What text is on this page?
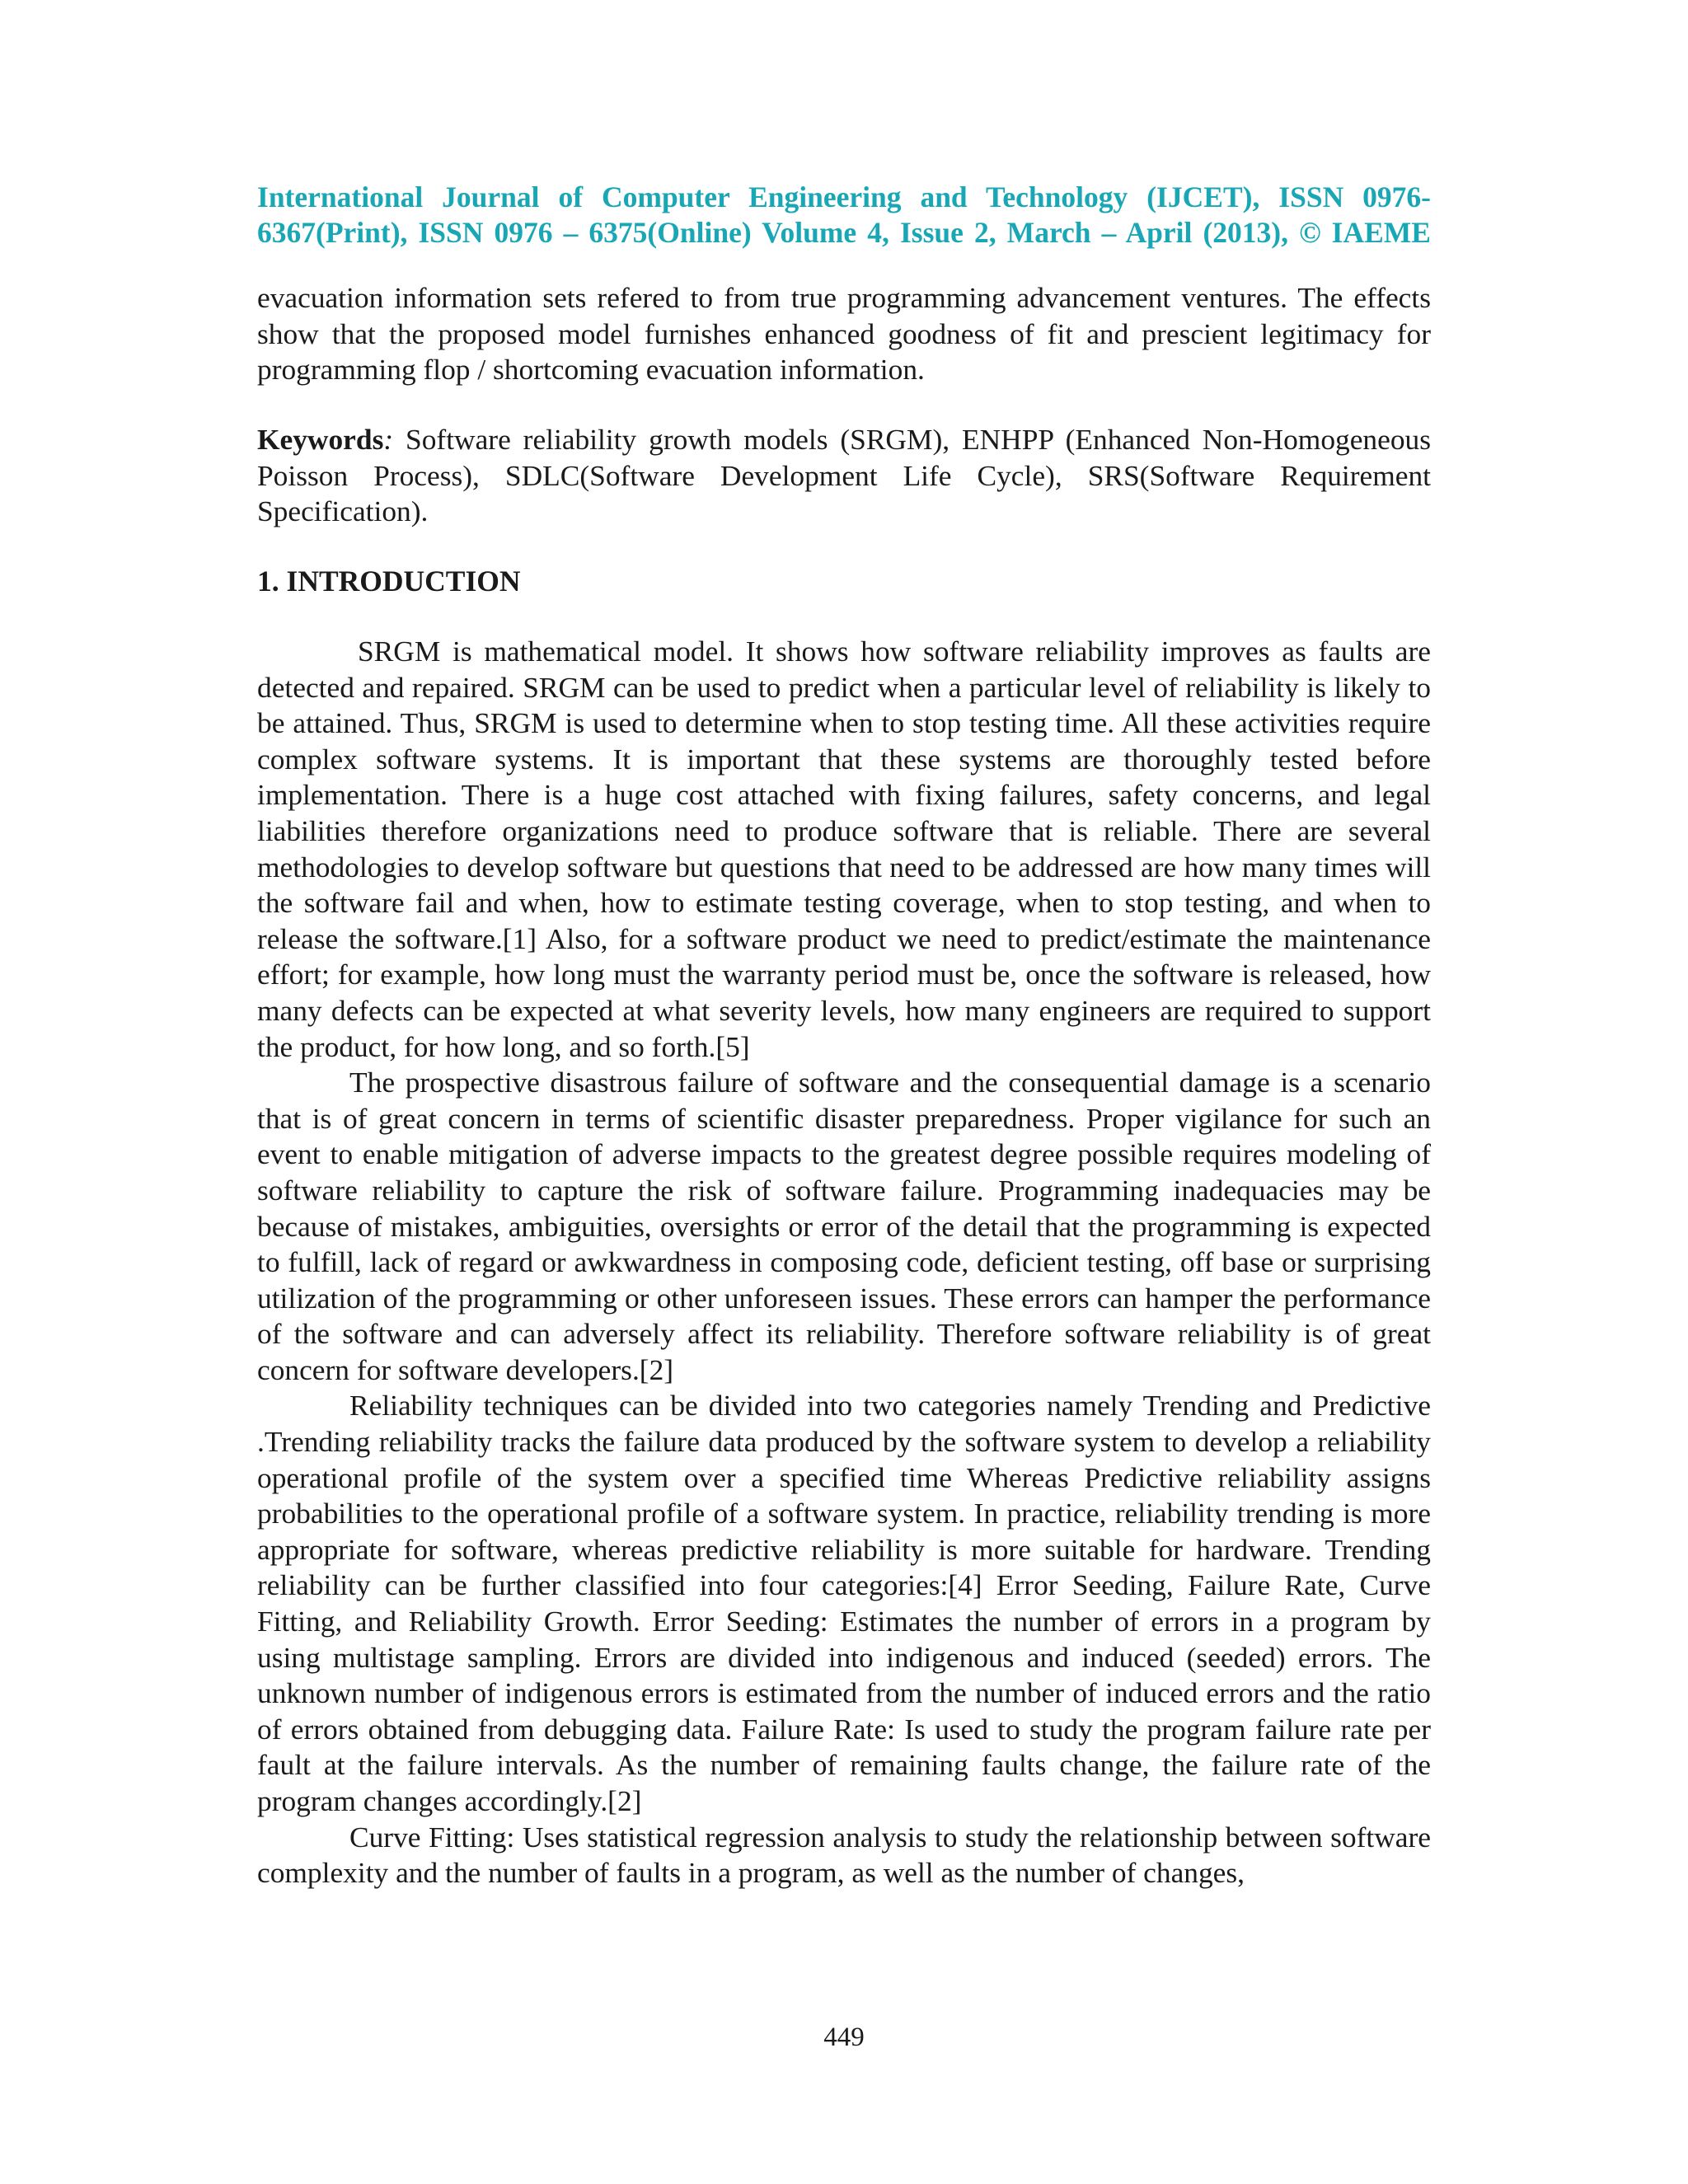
International Journal of Computer Engineering and Technology (IJCET), ISSN 0976-
6367(Print), ISSN 0976 – 6375(Online) Volume 4, Issue 2, March – April (2013), © IAEME
evacuation information sets refered to from true programming advancement ventures. The effects show that the proposed model furnishes enhanced goodness of fit and prescient legitimacy for programming flop / shortcoming evacuation information.
Keywords: Software reliability growth models (SRGM), ENHPP (Enhanced Non-Homogeneous Poisson Process), SDLC(Software Development Life Cycle), SRS(Software Requirement Specification).
1. INTRODUCTION

SRGM is mathematical model. It shows how software reliability improves as faults are detected and repaired. SRGM can be used to predict when a particular level of reliability is likely to be attained. Thus, SRGM is used to determine when to stop testing time. All these activities require complex software systems. It is important that these systems are thoroughly tested before implementation. There is a huge cost attached with fixing failures, safety concerns, and legal liabilities therefore organizations need to produce software that is reliable. There are several methodologies to develop software but questions that need to be addressed are how many times will the software fail and when, how to estimate testing coverage, when to stop testing, and when to release the software.[1] Also, for a software product we need to predict/estimate the maintenance effort; for example, how long must the warranty period must be, once the software is released, how many defects can be expected at what severity levels, how many engineers are required to support the product, for how long, and so forth.[5]

The prospective disastrous failure of software and the consequential damage is a scenario that is of great concern in terms of scientific disaster preparedness. Proper vigilance for such an event to enable mitigation of adverse impacts to the greatest degree possible requires modeling of software reliability to capture the risk of software failure. Programming inadequacies may be because of mistakes, ambiguities, oversights or error of the detail that the programming is expected to fulfill, lack of regard or awkwardness in composing code, deficient testing, off base or surprising utilization of the programming or other unforeseen issues. These errors can hamper the performance of the software and can adversely affect its reliability. Therefore software reliability is of great concern for software developers.[2]

Reliability techniques can be divided into two categories namely Trending and Predictive .Trending reliability tracks the failure data produced by the software system to develop a reliability operational profile of the system over a specified time Whereas Predictive reliability assigns probabilities to the operational profile of a software system. In practice, reliability trending is more appropriate for software, whereas predictive reliability is more suitable for hardware. Trending reliability can be further classified into four categories:[4] Error Seeding, Failure Rate, Curve Fitting, and Reliability Growth. Error Seeding: Estimates the number of errors in a program by using multistage sampling. Errors are divided into indigenous and induced (seeded) errors. The unknown number of indigenous errors is estimated from the number of induced errors and the ratio of errors obtained from debugging data. Failure Rate: Is used to study the program failure rate per fault at the failure intervals. As the number of remaining faults change, the failure rate of the program changes accordingly.[2]

Curve Fitting: Uses statistical regression analysis to study the relationship between software complexity and the number of faults in a program, as well as the number of changes,

449
